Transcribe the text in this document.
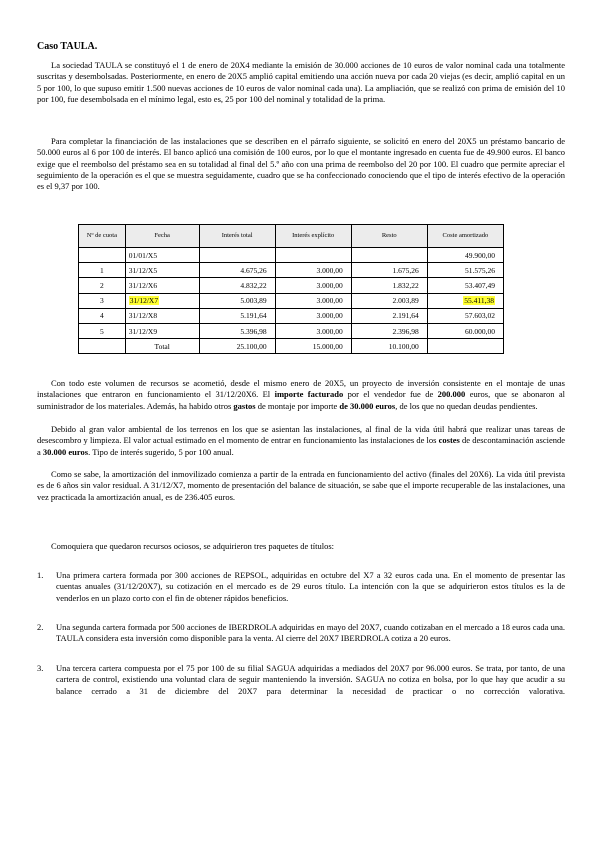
Caso TAULA.

La sociedad TAULA se constituyó el 1 de enero de 20X4 mediante la emisión de 30.000 acciones de 10 euros de valor nominal cada una totalmente suscritas y desembolsadas. Posteriormente, en enero de 20X5 amplió capital emitiendo una acción nueva por cada 20 viejas (es decir, amplió capital en un 5 por 100, lo que supuso emitir 1.500 nuevas acciones de 10 euros de valor nominal cada una). La ampliación, que se realizó con prima de emisión del 10 por 100, fue desembolsada en el mínimo legal, esto es, 25 por 100 del nominal y totalidad de la prima.

Para completar la financiación de las instalaciones que se describen en el párrafo siguiente, se solicitó en enero del 20X5 un préstamo bancario de 50.000 euros al 6 por 100 de interés. El banco aplicó una comisión de 100 euros, por lo que el montante ingresado en cuenta fue de 49.900 euros. El banco exige que el reembolso del préstamo sea en su totalidad al final del 5.º año con una prima de reembolso del 20 por 100. El cuadro que permite apreciar el seguimiento de la operación es el que se muestra seguidamente, cuadro que se ha confeccionado conociendo que el tipo de interés efectivo de la operación es el 9,37 por 100.

Nº de cuota	Fecha	Interés total	Interés explícito	Resto	Coste amortizado
	01/01/X5				49.900,00
1	31/12/X5	4.675,26	3.000,00	1.675,26	51.575,26
2	31/12/X6	4.832,22	3.000,00	1.832,22	53.407,49
3	31/12/X7	5.003,89	3.000,00	2.003,89	55.411,38
4	31/12/X8	5.191,64	3.000,00	2.191,64	57.603,02
5	31/12/X9	5.396,98	3.000,00	2.396,98	60.000,00
	Total	25.100,00	15.000,00	10.100,00	

Con todo este volumen de recursos se acometió, desde el mismo enero de 20X5, un proyecto de inversión consistente en el montaje de unas instalaciones que entraron en funcionamiento el 31/12/20X6. El importe facturado por el vendedor fue de 200.000 euros, que se abonaron al suministrador de los materiales. Además, ha habido otros gastos de montaje por importe de 30.000 euros, de los que no quedan deudas pendientes.

Debido al gran valor ambiental de los terrenos en los que se asientan las instalaciones, al final de la vida útil habrá que realizar unas tareas de desescombro y limpieza. El valor actual estimado en el momento de entrar en funcionamiento las instalaciones de los costes de descontaminación asciende a 30.000 euros. Tipo de interés sugerido, 5 por 100 anual.

Como se sabe, la amortización del inmovilizado comienza a partir de la entrada en funcionamiento del activo (finales del 20X6). La vida útil prevista es de 6 años sin valor residual. A 31/12/X7, momento de presentación del balance de situación, se sabe que el importe recuperable de las instalaciones, una vez practicada la amortización anual, es de 236.405 euros.

Comoquiera que quedaron recursos ociosos, se adquirieron tres paquetes de títulos:

1. Una primera cartera formada por 300 acciones de REPSOL, adquiridas en octubre del X7 a 32 euros cada una. En el momento de presentar las cuentas anuales (31/12/20X7), su cotización en el mercado es de 29 euros título. La intención con la que se adquirieron estos títulos es la de venderlos en un plazo corto con el fin de obtener rápidos beneficios.
2. Una segunda cartera formada por 500 acciones de IBERDROLA adquiridas en mayo del 20X7, cuando cotizaban en el mercado a 18 euros cada una. TAULA considera esta inversión como disponible para la venta. Al cierre del 20X7 IBERDROLA cotiza a 20 euros.
3. Una tercera cartera compuesta por el 75 por 100 de su filial SAGUA adquiridas a mediados del 20X7 por 96.000 euros. Se trata, por tanto, de una cartera de control, existiendo una voluntad clara de seguir manteniendo la inversión. SAGUA no cotiza en bolsa, por lo que hay que acudir a su balance cerrado a 31 de diciembre del 20X7 para determinar la necesidad de practicar o no corrección valorativa.
